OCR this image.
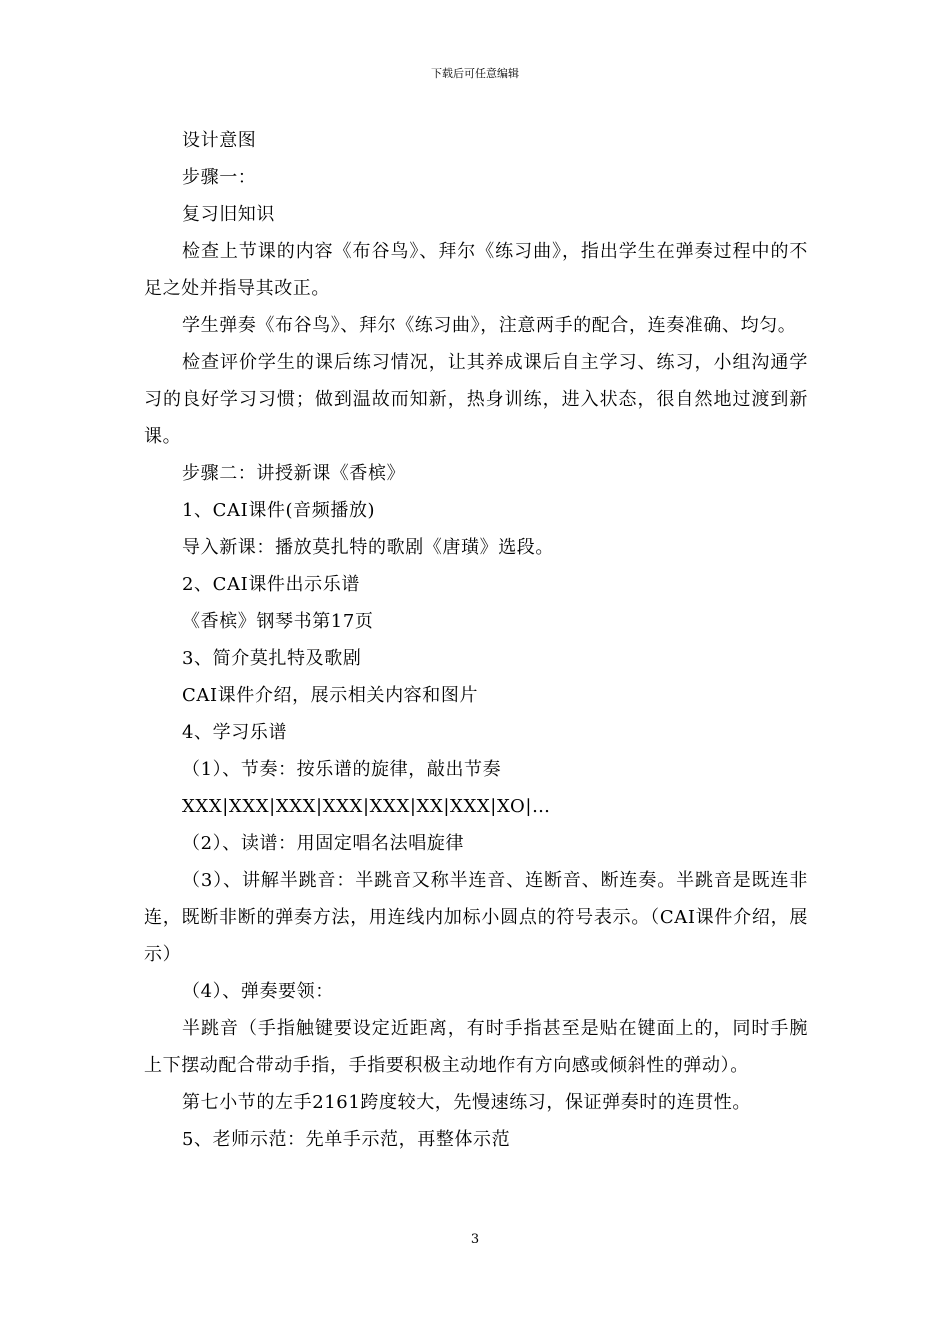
下载后可任意编辑

设计意图

步骤一：

复习旧知识

检查上节课的内容《布谷鸟》、拜尔《练习曲》，指出学生在弹奏过程中的不足之处并指导其改正。

学生弹奏《布谷鸟》、拜尔《练习曲》，注意两手的配合，连奏准确、均匀。

检查评价学生的课后练习情况，让其养成课后自主学习、练习，小组沟通学习的良好学习习惯；做到温故而知新，热身训练，进入状态，很自然地过渡到新课。

步骤二：讲授新课《香槟》

1、CAI课件(音频播放)

导入新课：播放莫扎特的歌剧《唐璜》选段。

2、CAI课件出示乐谱

《香槟》钢琴书第17页

3、简介莫扎特及歌剧

CAI课件介绍，展示相关内容和图片

4、学习乐谱

（1）、节奏：按乐谱的旋律，敲出节奏

XXX|XXX|XXX|XXX|XXX|XX|XXX|XO|…

（2）、读谱：用固定唱名法唱旋律

（3）、讲解半跳音：半跳音又称半连音、连断音、断连奏。半跳音是既连非连，既断非断的弹奏方法，用连线内加标小圆点的符号表示。（CAI课件介绍，展示）

（4）、弹奏要领：

半跳音（手指触键要设定近距离，有时手指甚至是贴在键面上的，同时手腕上下摆动配合带动手指，手指要积极主动地作有方向感或倾斜性的弹动）。

第七小节的左手2161跨度较大，先慢速练习，保证弹奏时的连贯性。

5、老师示范：先单手示范，再整体示范

3
